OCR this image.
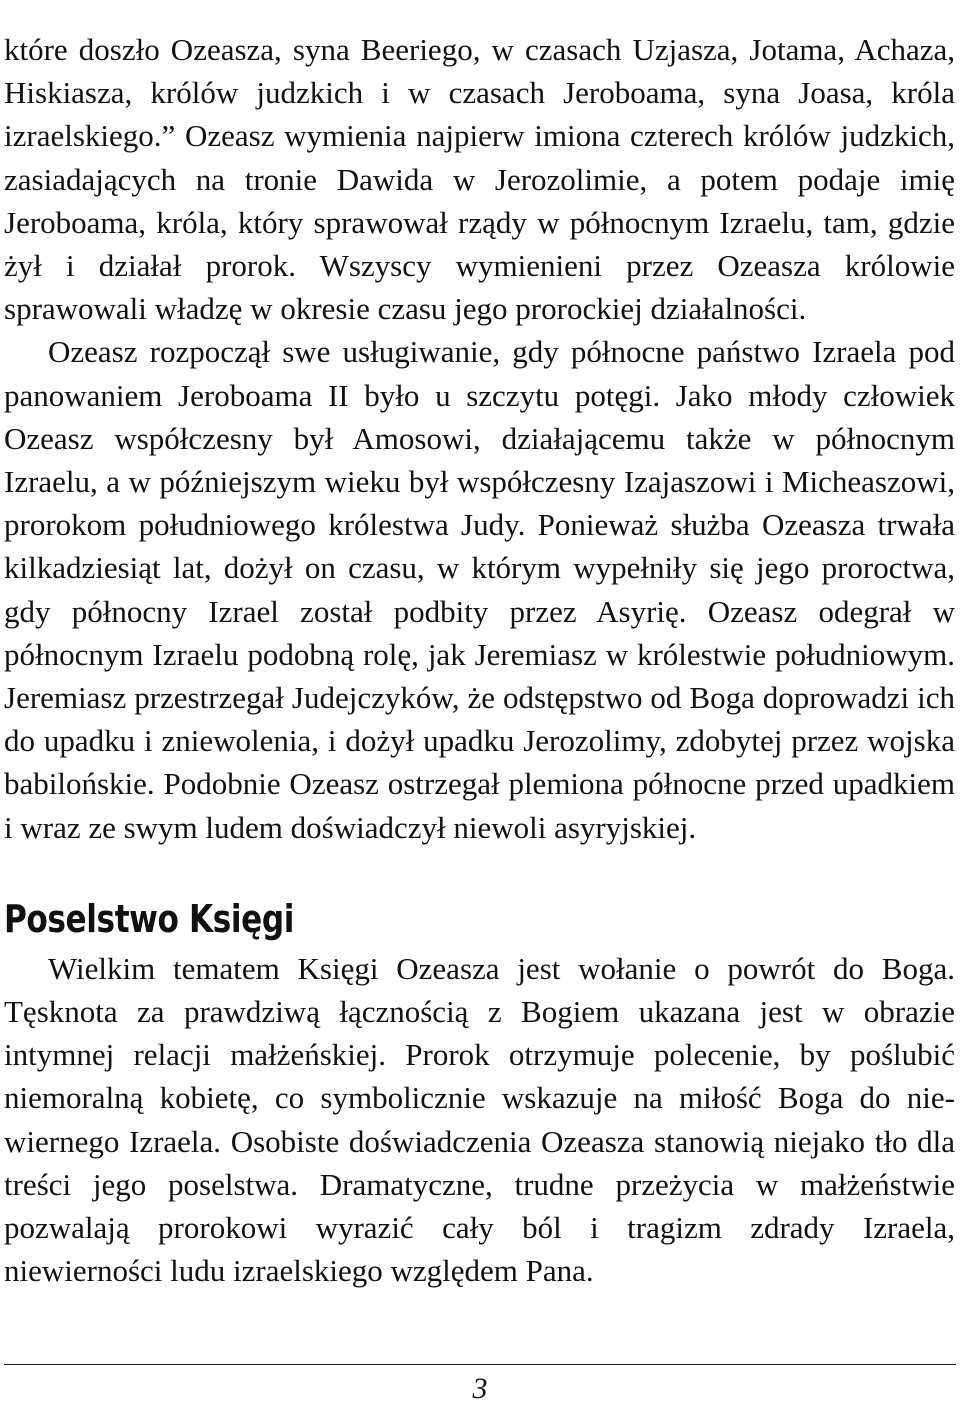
które doszło Ozeasza, syna Beeriego, w czasach Uzjasza, Jotama, Achaza, Hiskiasza, królów judzkich i w czasach Jeroboama, syna Joasa, króla izraelskiego.” Ozeasz wymienia najpierw imiona czterech królów judzkich, zasiadających na tronie Dawida w Jerozolimie, a potem podaje imię Jeroboama, króla, który sprawował rządy w północnym Izraelu, tam, gdzie żył i działał prorok. Wszyscy wymienieni przez Ozeasza królowie sprawowali władzę w okresie czasu jego prorockiej działalności.

Ozeasz rozpoczął swe usługiwanie, gdy północne państwo Izraela pod panowaniem Jeroboama II było u szczytu potęgi. Jako młody człowiek Ozeasz współczesny był Amosowi, działającemu także w północnym Izraelu, a w późniejszym wieku był współczesny Izajaszowi i Micheaszowi, prorokom południowego królestwa Judy. Ponieważ służba Ozeasza trwała kilkadziesiąt lat, dożył on czasu, w którym wypełniły się jego proroctwa, gdy północny Izrael został podbity przez Asyrię. Ozeasz odegrał w północnym Izraelu podobną rolę, jak Jeremiasz w królestwie południowym. Jeremiasz przestrzegał Judejczyków, że odstępstwo od Boga doprowadzi ich do upadku i zniewolenia, i dożył upadku Jerozolimy, zdobytej przez wojska babilońskie. Podobnie Ozeasz ostrzegał plemiona północne przed upadkiem i wraz ze swym ludem doświadczył niewoli asyryjskiej.

Poselstwo Księgi

Wielkim tematem Księgi Ozeasza jest wołanie o powrót do Boga. Tęsknota za prawdziwą łącznością z Bogiem ukazana jest w obrazie intymnej relacji małżeńskiej. Prorok otrzymuje polecenie, by poślubić niemoralną kobietę, co symbolicznie wskazuje na miłość Boga do niewiernego Izraela. Osobiste doświadczenia Ozeasza stanowią niejako tło dla treści jego poselstwa. Dramatyczne, trudne przeżycia w małżeństwie pozwalają prorokowi wyrazić cały ból i tragizm zdrady Izraela, niewierności ludu izraelskiego względem Pana.

3
